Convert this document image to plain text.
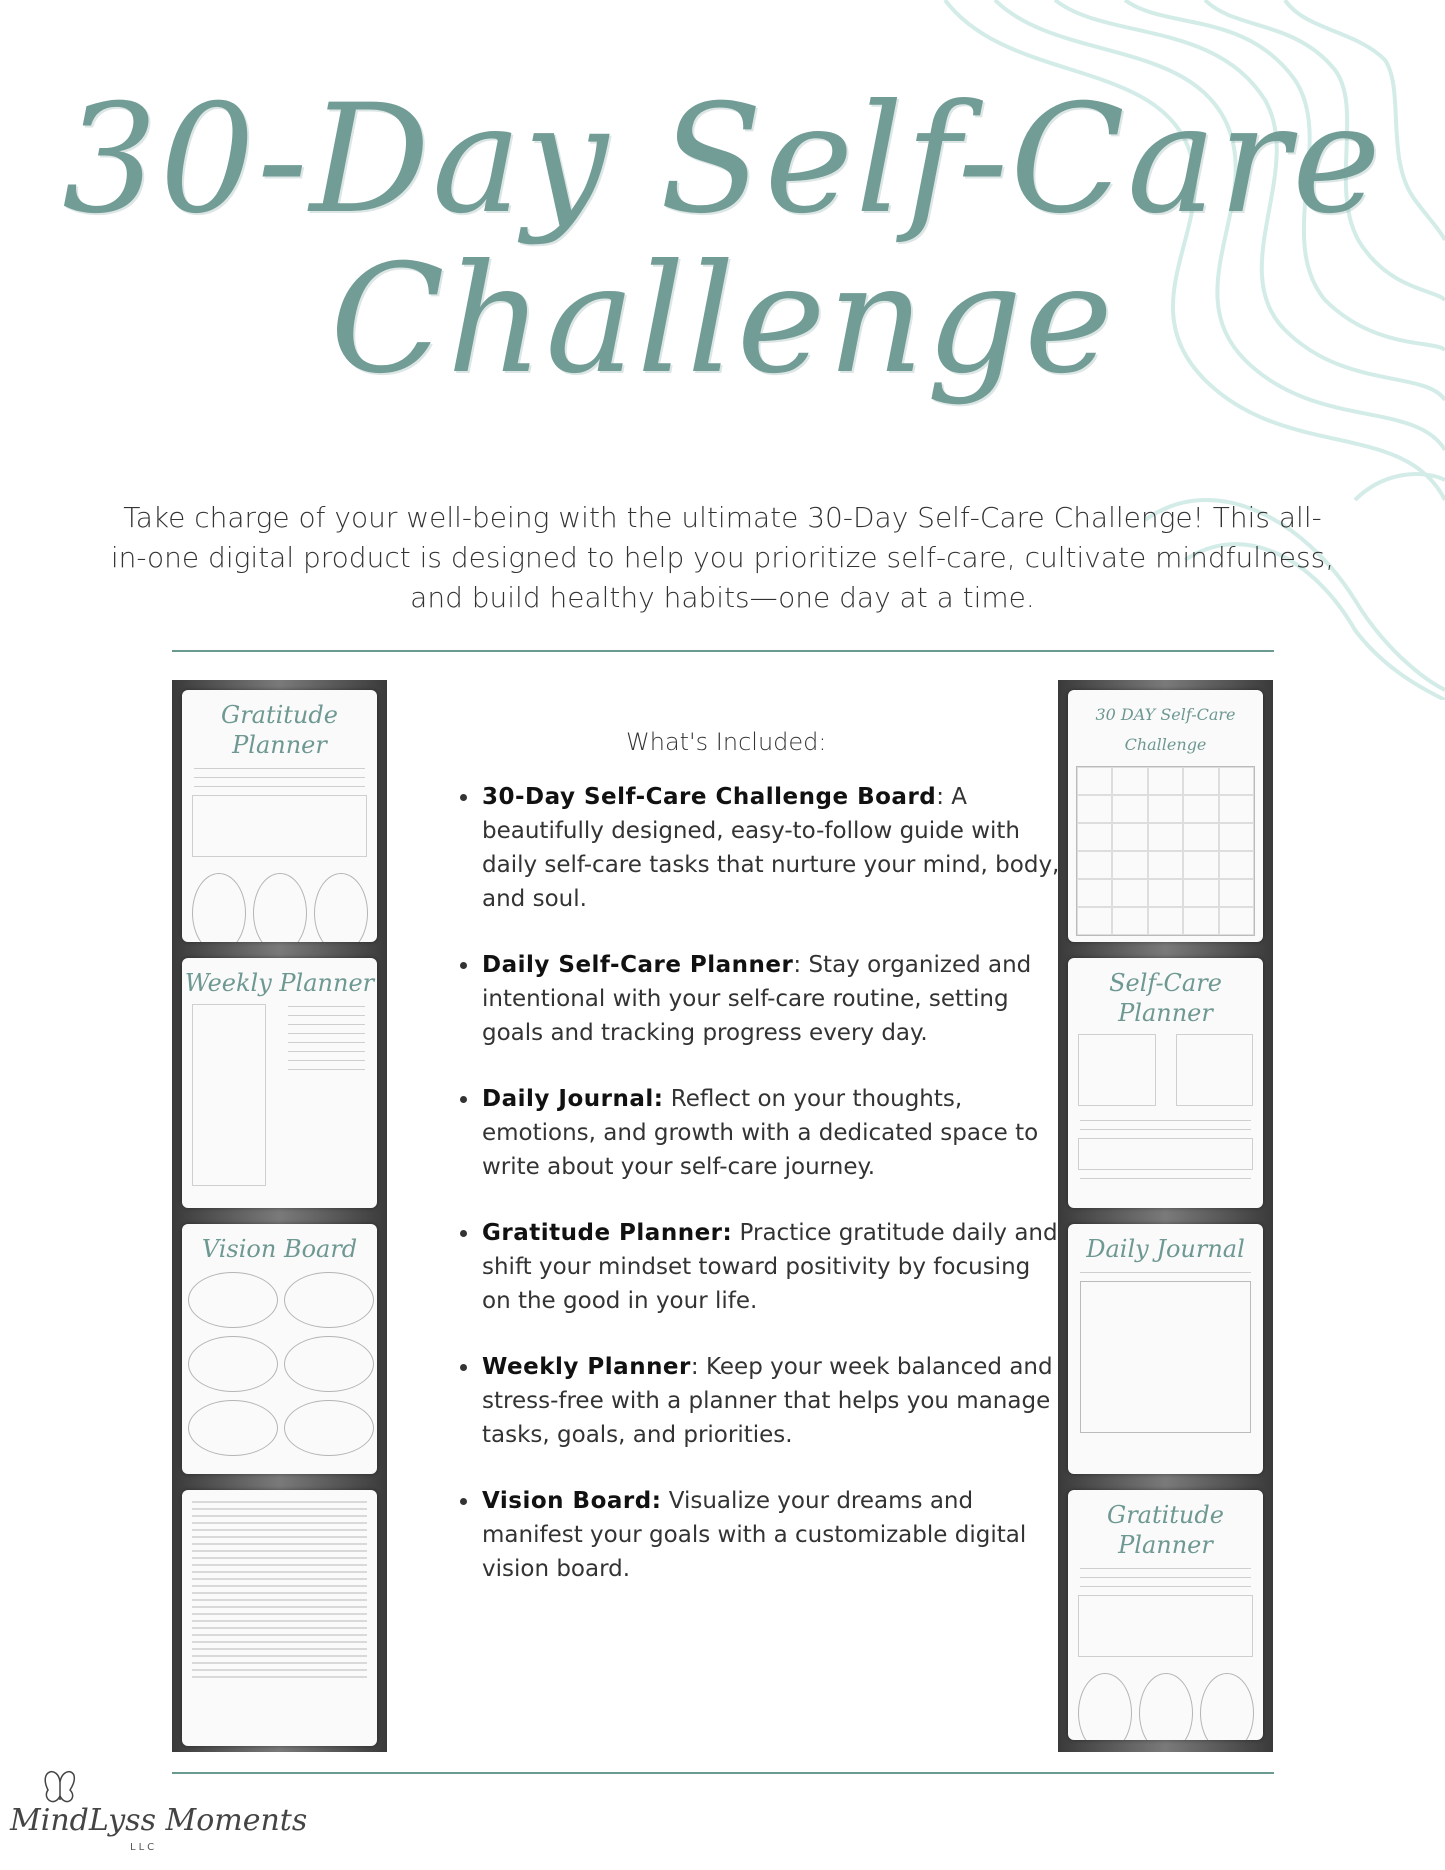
30-Day Self-Care
Challenge
Take charge of your well-being with the ultimate 30-Day Self-Care Challenge! This all-in-one digital product is designed to help you prioritize self-care, cultivate mindfulness, and build healthy habits—one day at a time.
Gratitude Planner
Weekly Planner
Vision Board
30 DAY Self-Care Challenge
Self-Care Planner
Daily Journal
Gratitude Planner
What's Included:
• 30-Day Self-Care Challenge Board: A beautifully designed, easy-to-follow guide with daily self-care tasks that nurture your mind, body, and soul.
• Daily Self-Care Planner: Stay organized and intentional with your self-care routine, setting goals and tracking progress every day.
• Daily Journal: Reflect on your thoughts, emotions, and growth with a dedicated space to write about your self-care journey.
• Gratitude Planner: Practice gratitude daily and shift your mindset toward positivity by focusing on the good in your life.
• Weekly Planner: Keep your week balanced and stress-free with a planner that helps you manage tasks, goals, and priorities.
• Vision Board: Visualize your dreams and manifest your goals with a customizable digital vision board.
MindLyss Moments
LLC
